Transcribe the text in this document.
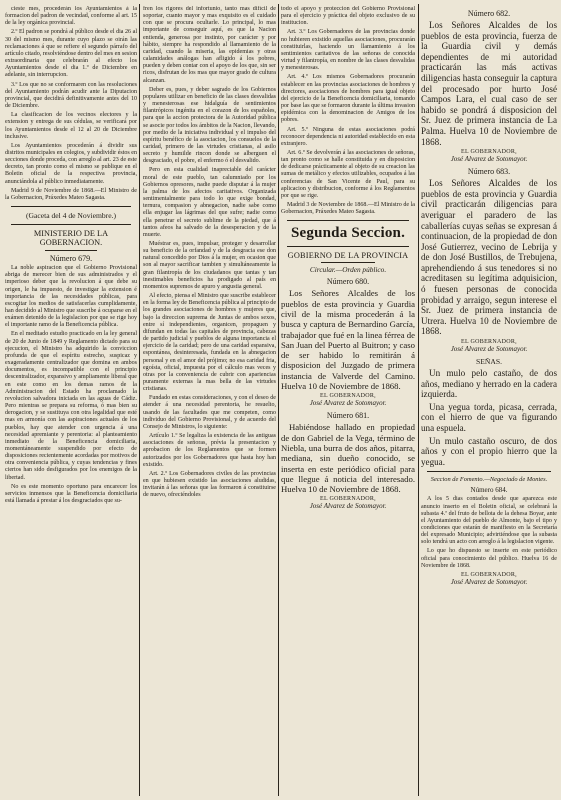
cieste mes, procederán los Ayuntamientos á la formacion del padron de vecindad, conforme al art. 15 de la ley orgánica provincial.

2.º El padron se pondrá al público desde el dia 26 al 30 del mismo mes, durante cuyo plazo se oirán las reclamaciones á que se refiere el segundo párrafo del artículo citado, resolviéndose dentro del mes en sesion extraordinaria que celebrarán al efecto los Ayuntamientos desde el dia 1.º de Diciembre en adelante, sin interrupcion.

3.º Los que no se conformaren con las resoluciones del Ayuntamiento podrán acudir ante la Diputacion provincial, que decidirá definitivamente antes del 10 de Diciembre.

La clasificacion de los vecinos electores y la extension y entrega de sus cédulas, se verificará por los Ayuntamientos desde el 12 al 20 de Diciembre inclusive.

Los Ayuntamientos procederán á dividir sus distritos municipales en colegios, y subdividir éstos en secciones donde proceda, con arreglo al art. 23 de este decreto, tan pronto como el mismo se publique en el Boletin oficial de la respectiva provincia, anunciándola al público inmediatamente.

Madrid 9 de Noviembre de 1868.—El Ministro de la Gobernacion, Práxedes Mateo Sagasta.

(Gaceta del 4 de Noviembre.)
MINISTERIO DE LA GOBERNACION.
Número 679.

La noble aspiracion que el Gobierno Provisional abriga de merecer bien de sus administrados y el imperioso deber que la revolucion á que debe su origen, le ha impuesto, de investigar la extension é importancia de las necesidades públicas, para escogitar los medios de satisfacerlas cumplidamente, han decidido al Ministro que suscribe á ocuparse en el exámen detenido de la legislacion por que se rige hoy el importante ramo de la Beneficencia pública.

En el meditado estudio practicado en la ley general de 20 de Junio de 1849 y Reglamento dictado para su ejecucion, el Ministro ha adquirido la conviccion profunda de que el espíritu estrecho, suspicaz y exageradamente centralizador que domina en ambos documentos, es incompatible con el principio descentralizador, expansivo y ampliamente liberal que en este como en los demas ramos de la Administracion del Estado ha proclamado la revolucion salvadora iniciada en las aguas de Cádiz. Pero mientras se prepara su reforma, ó mas bien su derogacion, y se sustituya con otra legalidad que esté mas en armonía con las aspiraciones actuales de los pueblos, hay que atender con urgencia á una necesidad apremiante y perentoria: al planteamiento inmediato de la Beneficencia domiciliaria, momentáneamente suspendido por efecto de disposiciones recientemente acordadas por motivos de otra conveniencia pública, y cuyas tendencias y fines ciertos han sido desfigurados por los enemigos de la libertad.

No es este momento oportuno para encarecer los servicios inmensos que la Beneficencia domiciliaria está llamada á prestar á los desgraciados que su-

fren los rigores del infortunio, tanto mas difícil de soportar, cuanto mayor y mas exquisito es el cuidado con que se procura ocultarle. Lo principal, lo mas importante de conseguir aquí, es que la Nacion entienda, generosa por instinto, por carácter y por hábito, siempre ha respondido al llamamiento de la caridad, cuando la miseria, las epidemias y otras calamidades análogas han afligido á los pobres, pueden y deben contar con el apoyo de los que, sin ser ricos, disfrutan de los mas que mayor grado de cultura alcanzan.

Deber es, pues, y deber sagrado de los Gobiernos populares utilizar en beneficio de las clases desvalidas y menesterosas ese hidalguía de sentimientos filantrópicos ingénita en el corazon de los españoles, para que la accion protectora de la Autoridad pública se asocie por todos los ámbitos de la Nacion, llevando, por medio de la iniciativa individual y el impulso del espíritu benéfico de la asociacion, los consuelos de la caridad, primero de las virtudes cristianas, al asilo secreto y humilde rincon donde se alberguen el desgraciado, el pobre, el enfermo ó el desvalido.

Pero en esta cualidad inapreciable del carácter moral de este pueblo, tan calumniado por los Gobiernos opresores, nadie puede disputar á la mujer la palma de los afectos caritativos. Organizada sentimentalmente para todo lo que exige bondad, ternura, compasion y abnegacion, nadie sabe como ella enjugar las lágrimas del que sufre; nadie como ella penetrar el secreto sublime de la piedad, que á tantos afeos ha salvado de la desesperacion y de la muerte.

Muéstrar es, pues, impulsar, proteger y desarrollar su beneficio de la orfandad y de la desgracia ese don natural concedido por Dios á la mujer, en ocasion que son al mayor sacrificar tambien y simultáneamente la gran filantropía de los ciudadanos que tantas y tan inestimables beneficios ha prodigado al país en momentos supremos de apuro y angustia general.

Al efecto, piensa el Ministro que suscribe establecer en la forma ley de Beneficencia pública al principio de los grandes asociaciones de hombres y mujeres que, bajo la direccion suprema de Juntas de ambos sexos, entre sí independientes, organicen, propaguen y difundan en todas las capitales de provincia, cabezas de partido judicial y pueblos de alguna importancia el ejercicio de la caridad; pero de una caridad espansiva, espontánea, desinteresada, fundada en la abnegacion personal y en el amor del prójimo; no esa caridad fria, egoísta, oficial, impuesta por el cálculo mas veces y otras por la conveniencia de cubrir con apariencias puramente externas la mas bella de las virtudes cristianas.

Fundado en estas consideraciones, y con el deseo de atender á una necesidad perentoria, he resuelto, usando de las facultades que me competen, como individuo del Gobierno Provisional, y de acuerdo del Consejo de Ministros, lo siguiente:

Artículo 1.º Se legaliza la existencia de las antiguas asociaciones de señoras, prévia la presentacion y aprobacion de los Reglamentos que se formen autorizados por los Gobernadores que hasta hoy han existido.

Art. 2.º Los Gobernadores civiles de las provincias en que hubiesen existido las asociaciones aludidas, invitarán á las señoras que las formaron á constituirse de nuevo, ofreciéndoles

todo el apoyo y proteccion del Gobierno Provisional para el ejercicio y práctica del objeto exclusivo de su institucion.

Art. 3.º Los Gobernadores de las provincias donde no hubieren existido aquellas asociaciones, procurarán constituirlas, haciendo un llamamiento á los sentimientos caritativos de las señoras de conocida virtud y filantropía, en nombre de las clases desvalidas y menesterosas.

Art. 4.º Los mismos Gobernadores procurarán establecer en las provincias asociaciones de hombres y directores, asociaciones de hombres para igual objeto del ejercicio de la Beneficencia domiciliaria, tomando por base las que se formaron durante la última invasion epidémica con la denominacion de Amigos de los pobres.

Art. 5.º Ninguna de estas asociaciones podrá reconocer dependencia ni autoridad establecido en esta extranjero.

Art. 6.º Se devolverán á las asociaciones de señoras, tan pronto como se halle constituida y en disposicion de dedicarse prácticamente al objeto de su creacion las sumas de metálico y efectos utilizables, ocupados á las conferencias de San Vicente de Paul, para su aplicacion y distribucion, conforme á los Reglamentos por que se rige.

Madrid 3 de Noviembre de 1868.—El Ministro de la Gobernacion, Práxedes Mateo Sagasta.

Segunda Seccion.
GOBIERNO DE LA PROVINCIA
Circular.—Orden público.
Número 680.

Los Señores Alcaldes de los pueblos de esta provincia y Guardia civil de la misma procederán á la busca y captura de Bernardino García, trabajador que fué en la linea férrea de San Juan del Puerto al Buitron; y caso de ser habido lo remitirán á disposicion del Juzgado de primera instancia de Valverde del Camino. Huelva 10 de Noviembre de 1868.

EL GOBERNADOR,
José Alvarez de Sotomayor.
Número 681.

Habiéndose hallado en propiedad de don Gabriel de la Vega, término de Niebla, una burra de dos años, pitarra, mediana, sin dueño conocido, se inserta en este periódico oficial para que llegue á noticia del interesado. Huelva 10 de Noviembre de 1868.

EL GOBERNADOR,
José Alvarez de Sotomayor.
Número 682.

Los Señores Alcaldes de los pueblos de esta provincia, fuerza de la Guardia civil y demás dependientes de mi autoridad practicarán las más activas diligencias hasta conseguir la captura del procesado por hurto José Campos Lara, el cual caso de ser habido se pondrá á disposicion del Sr. Juez de primera instancia de La Palma. Huelva 10 de Noviembre de 1868.

EL GOBERNADOR,
José Alvarez de Sotomayor.
Número 683.

Los Señores Alcaldes de los pueblos de esta provincia y Guardia civil practicarán diligencias para averiguar el paradero de las caballerías cuyas señas se expresan á continuacion, de la propiedad de don José Gutierrez, vecino de Lebrija y de don José Bustillos, de Trebujena, aprehendiendo á sus tenedores si no acreditasen su legítima adquisicion, ó fuesen personas de conocida probidad y arraigo, segun interese el Sr. Juez de primera instancia de Utrera. Huelva 10 de Noviembre de 1868.

EL GOBERNADOR,
José Alvarez de Sotomayor.
SEÑAS.

Un mulo pelo castaño, de dos años, mediano y herrado en la cadera izquierda.

Una yegua torda, picasa, cerrada, con el hierro de que va figurando una espuela.

Un mulo castaño oscuro, de dos años y con el propio hierro que la yegua.

Seccion de Fomento.—Negociado de Montes.
Número 684.

A los 5 dias contados desde que aparezca este anuncio inserto en el Boletin oficial, se celebrará la subasta 4.ª del fruto de bellota de la dehesa Boyar, ante el Ayuntamiento del pueblo de Almonte, bajo el tipo y condiciones que estarán de manifiesto en la Secretaría del expresado Municipio; advirtiéndose que la subasta solo tendrá un acto con arreglo á la legislacion vigente.

Lo que ho dispuesto se inserte en este periódico oficial para conocimiento del público. Huelva 16 de Noviembre de 1868.

EL GOBERNADOR,
José Alvarez de Sotomayor.
